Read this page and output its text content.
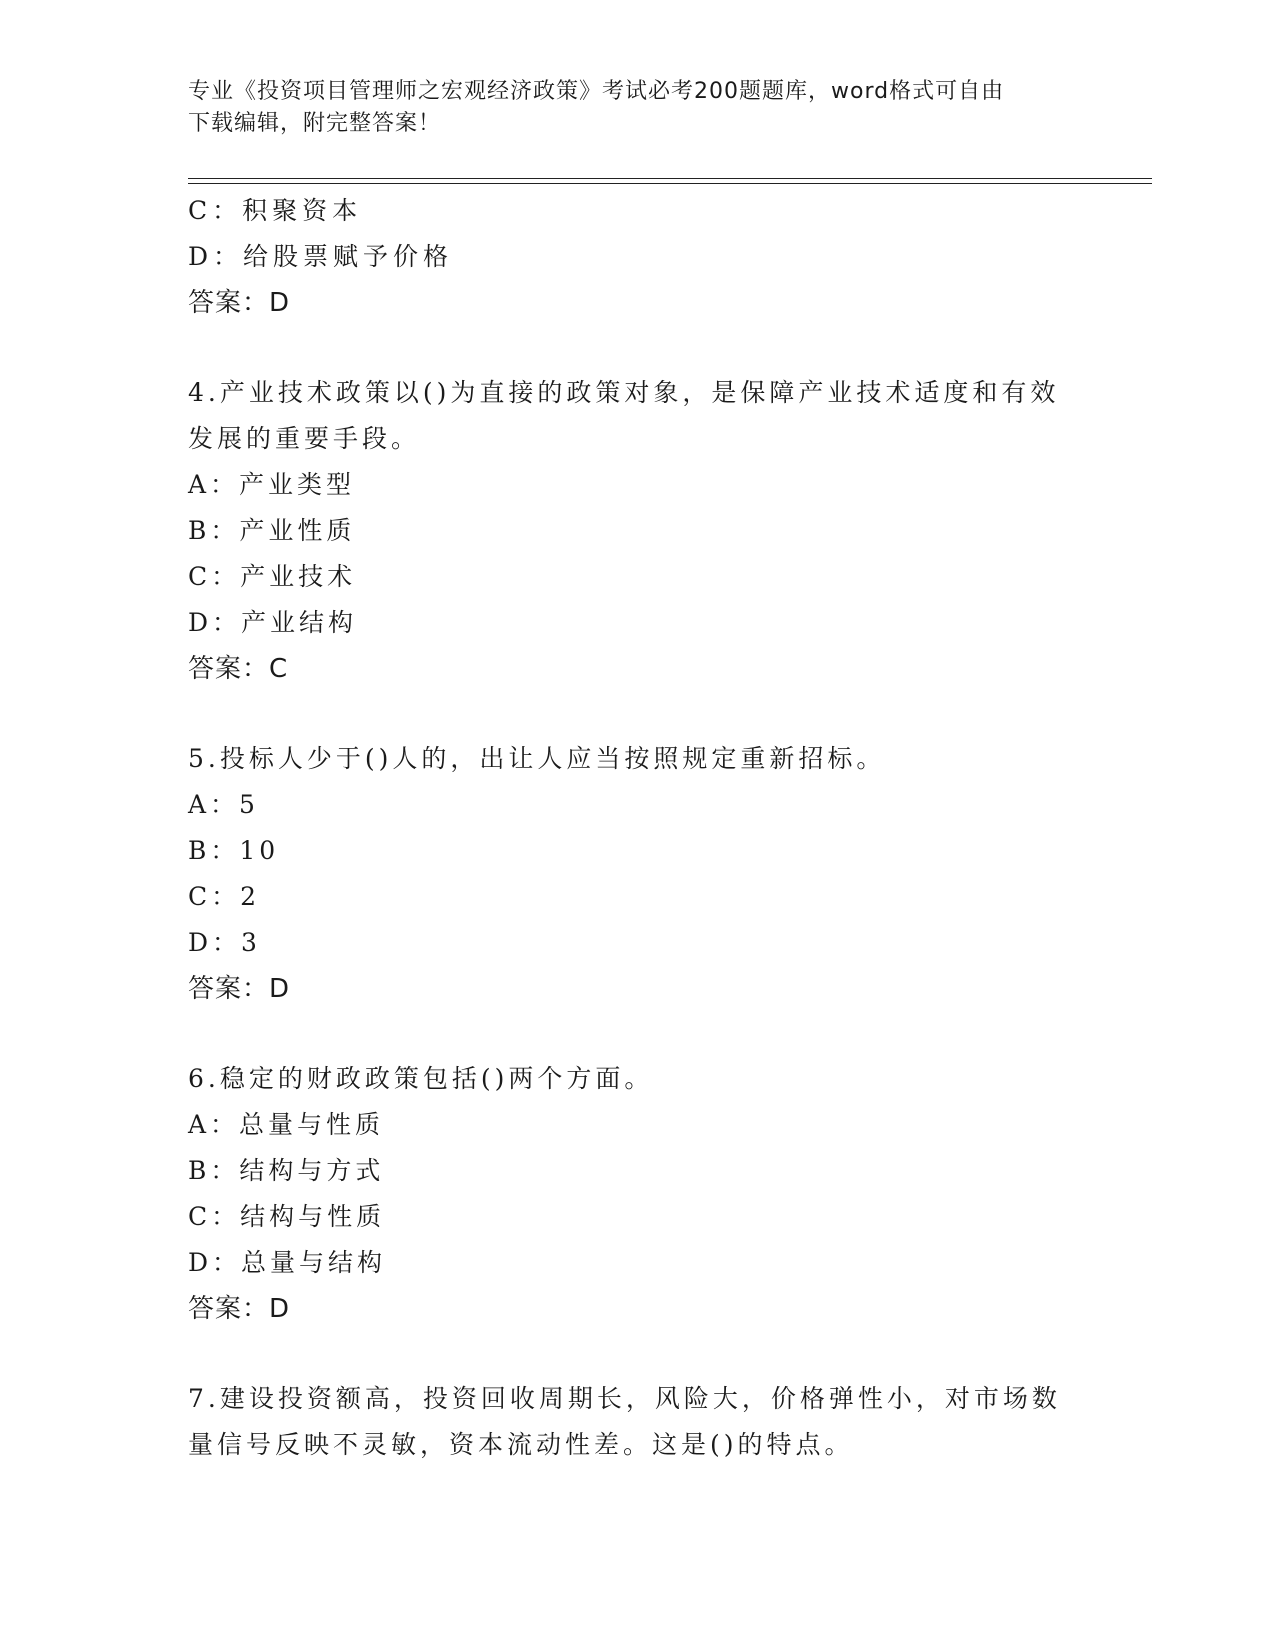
专业《投资项目管理师之宏观经济政策》考试必考200题题库，word格式可自由
下载编辑，附完整答案！
C：积聚资本
D：给股票赋予价格
答案：D
4.产业技术政策以()为直接的政策对象，是保障产业技术适度和有效
发展的重要手段。
A：产业类型
B：产业性质
C：产业技术
D：产业结构
答案：C
5.投标人少于()人的，出让人应当按照规定重新招标。
A：5
B：10
C：2
D：3
答案：D
6.稳定的财政政策包括()两个方面。
A：总量与性质
B：结构与方式
C：结构与性质
D：总量与结构
答案：D
7.建设投资额高，投资回收周期长，风险大，价格弹性小，对市场数
量信号反映不灵敏，资本流动性差。这是()的特点。
